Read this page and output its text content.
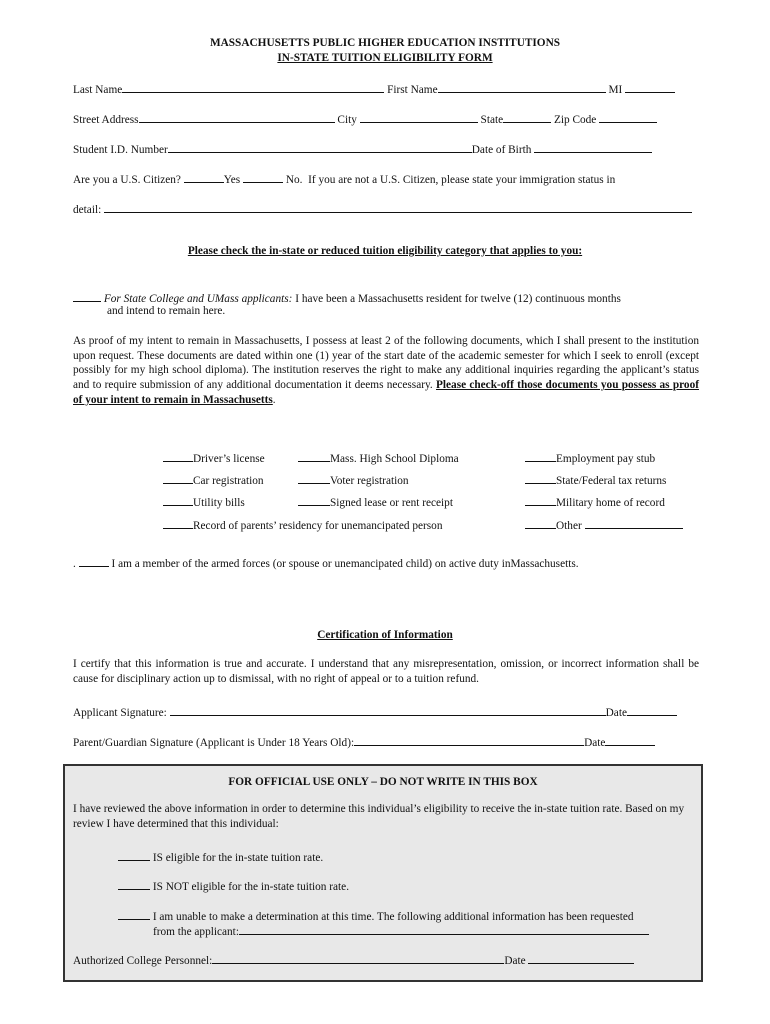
MASSACHUSETTS PUBLIC HIGHER EDUCATION INSTITUTIONS
IN-STATE TUITION ELIGIBILITY FORM
Last Name	First Name	MI
Street Address	City	State	Zip Code
Student I.D. Number	Date of Birth
Are you a U.S. Citizen?	Yes	No. If you are not a U.S. Citizen, please state your immigration status in
detail:
Please check the in-state or reduced tuition eligibility category that applies to you:
For State College and UMass applicants: I have been a Massachusetts resident for twelve (12) continuous months
and intend to remain here.
As proof of my intent to remain in Massachusetts, I possess at least 2 of the following documents, which I shall present to the institution upon request. These documents are dated within one (1) year of the start date of the academic semester for which I seek to enroll (except possibly for my high school diploma). The institution reserves the right to make any additional inquiries regarding the applicant’s status and to require submission of any additional documentation it deems necessary. Please check-off those documents you possess as proof of your intent to remain in Massachusetts.
Driver’s license	Mass. High School Diploma	Employment pay stub
Car registration	Voter registration	State/Federal tax returns
Utility bills	Signed lease or rent receipt	Military home of record
Record of parents’ residency for unemancipated person	Other
.	I am a member of the armed forces (or spouse or unemancipated child) on active duty inMassachusetts.
Certification of Information
I certify that this information is true and accurate. I understand that any misrepresentation, omission, or incorrect information shall be cause for disciplinary action up to dismissal, with no right of appeal or to a tuition refund.
Applicant Signature:	Date
Parent/Guardian Signature (Applicant is Under 18 Years Old):	Date
FOR OFFICIAL USE ONLY – DO NOT WRITE IN THIS BOX
I have reviewed the above information in order to determine this individual’s eligibility to receive the in-state tuition rate. Based on my review I have determined that this individual:
IS eligible for the in-state tuition rate.
IS NOT eligible for the in-state tuition rate.
I am unable to make a determination at this time. The following additional information has been requested
from the applicant:
Authorized College Personnel:	Date
